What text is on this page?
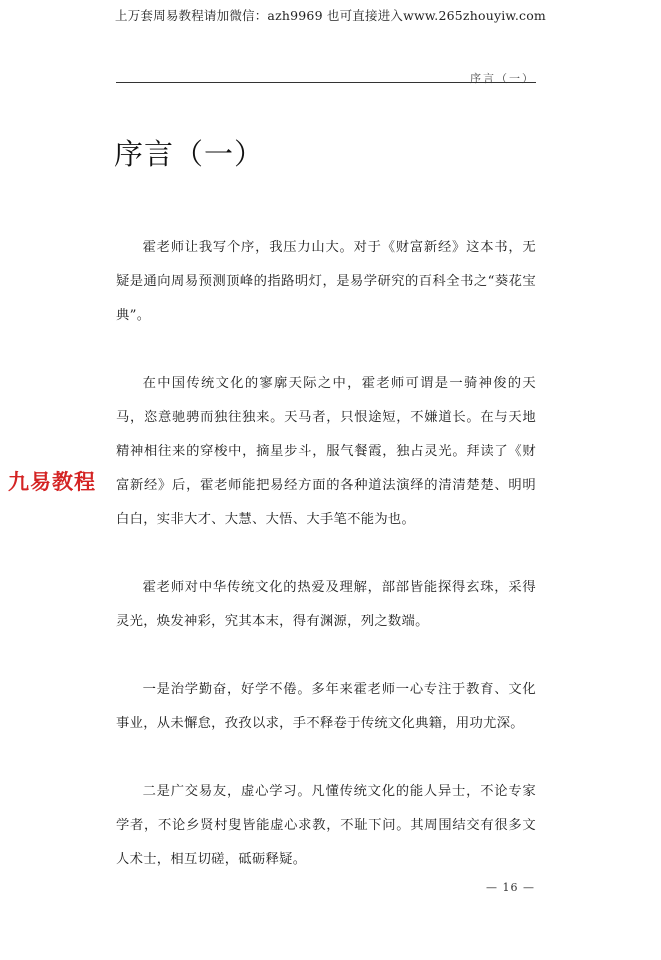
上万套周易教程请加微信：azh9969 也可直接进入www.265zhouyiw.com
序言（一）
序言（一）

霍老师让我写个序，我压力山大。对于《财富新经》这本书，无疑是通向周易预测顶峰的指路明灯，是易学研究的百科全书之“葵花宝典”。

在中国传统文化的寥廓天际之中，霍老师可谓是一骑神俊的天马，恣意驰骋而独往独来。天马者，只恨途短，不嫌道长。在与天地精神相往来的穿梭中，摘星步斗，服气餐霞，独占灵光。拜读了《财富新经》后，霍老师能把易经方面的各种道法演绎的清清楚楚、明明白白，实非大才、大慧、大悟、大手笔不能为也。

霍老师对中华传统文化的热爱及理解，部部皆能探得玄珠，采得灵光，焕发神彩，究其本末，得有渊源，列之数端。

一是治学勤奋，好学不倦。多年来霍老师一心专注于教育、文化事业，从未懈怠，孜孜以求，手不释卷于传统文化典籍，用功尤深。

二是广交易友，虚心学习。凡懂传统文化的能人异士，不论专家学者，不论乡贤村叟皆能虚心求教，不耻下问。其周围结交有很多文人术士，相互切磋，砥砺释疑。

— 16 —
九易教程
